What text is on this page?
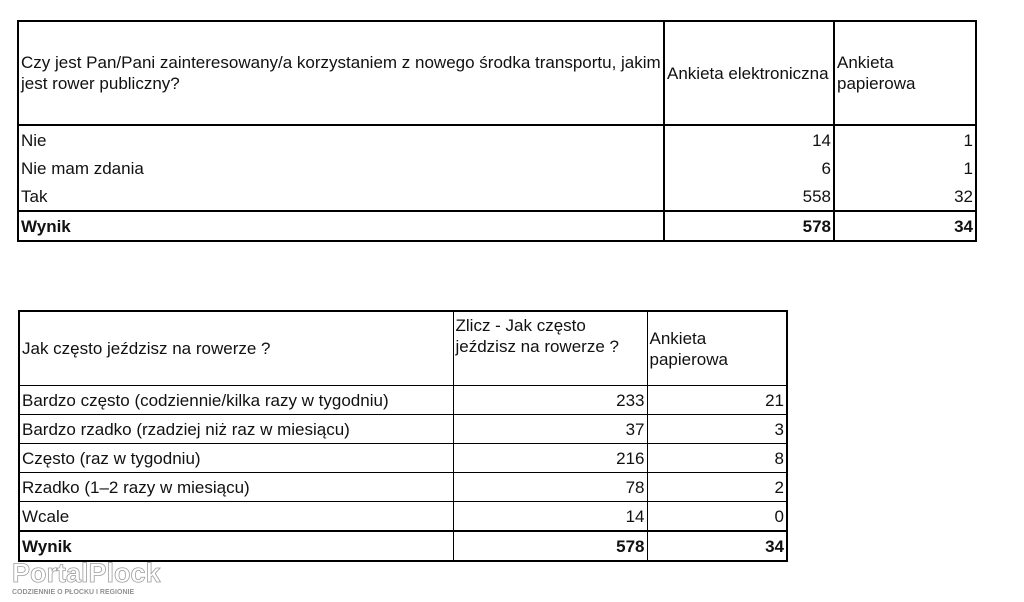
Czy jest Pan/Pani zainteresowany/a korzystaniem z nowego środka transportu, jakim jest rower publiczny?	Ankieta elektroniczna	Ankieta papierowa
Nie	14	1
Nie mam zdania	6	1
Tak	558	32
Wynik	578	34
Jak często jeździsz na rowerze ?	Zlicz - Jak często jeździsz na rowerze ?	Ankieta papierowa
Bardzo często (codziennie/kilka razy w tygodniu)	233	21
Bardzo rzadko (rzadziej niż raz w miesiącu)	37	3
Często (raz w tygodniu)	216	8
Rzadko (1–2 razy w miesiącu)	78	2
Wcale	14	0
Wynik	578	34
PortalPlock
CODZIENNIE O PŁOCKU I REGIONIE
